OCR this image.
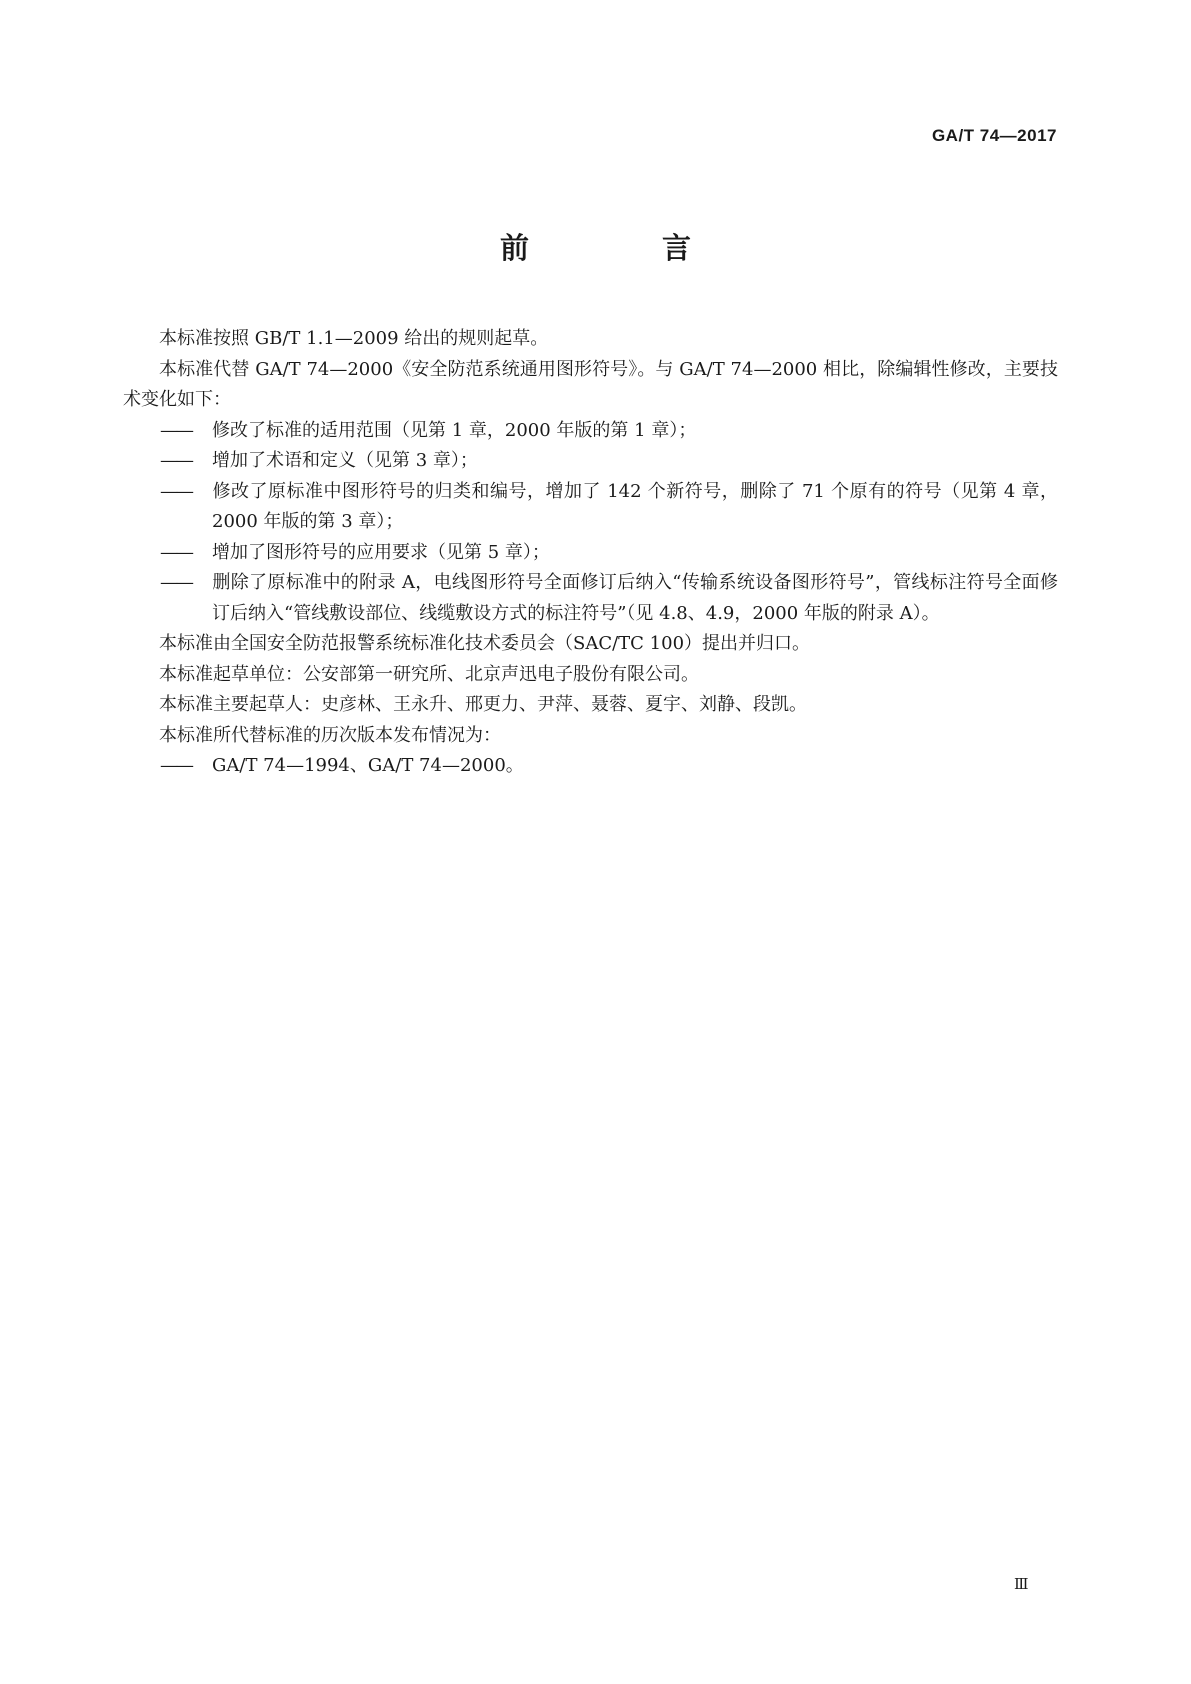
GA/T 74—2017
前　言

本标准按照 GB/T 1.1—2009 给出的规则起草。

本标准代替 GA/T 74—2000《安全防范系统通用图形符号》。与 GA/T 74—2000 相比，除编辑性修改，主要技术变化如下：

—— 修改了标准的适用范围（见第 1 章，2000 年版的第 1 章）；

—— 增加了术语和定义（见第 3 章）；

—— 修改了原标准中图形符号的归类和编号，增加了 142 个新符号，删除了 71 个原有的符号（见第 4 章，2000 年版的第 3 章）；

—— 增加了图形符号的应用要求（见第 5 章）；

—— 删除了原标准中的附录 A，电线图形符号全面修订后纳入“传输系统设备图形符号”，管线标注符号全面修订后纳入“管线敷设部位、线缆敷设方式的标注符号”（见 4.8、4.9，2000 年版的附录 A）。

本标准由全国安全防范报警系统标准化技术委员会（SAC/TC 100）提出并归口。

本标准起草单位：公安部第一研究所、北京声迅电子股份有限公司。

本标准主要起草人：史彦林、王永升、邢更力、尹萍、聂蓉、夏宇、刘静、段凯。

本标准所代替标准的历次版本发布情况为：

—— GA/T 74—1994、GA/T 74—2000。

Ⅲ
